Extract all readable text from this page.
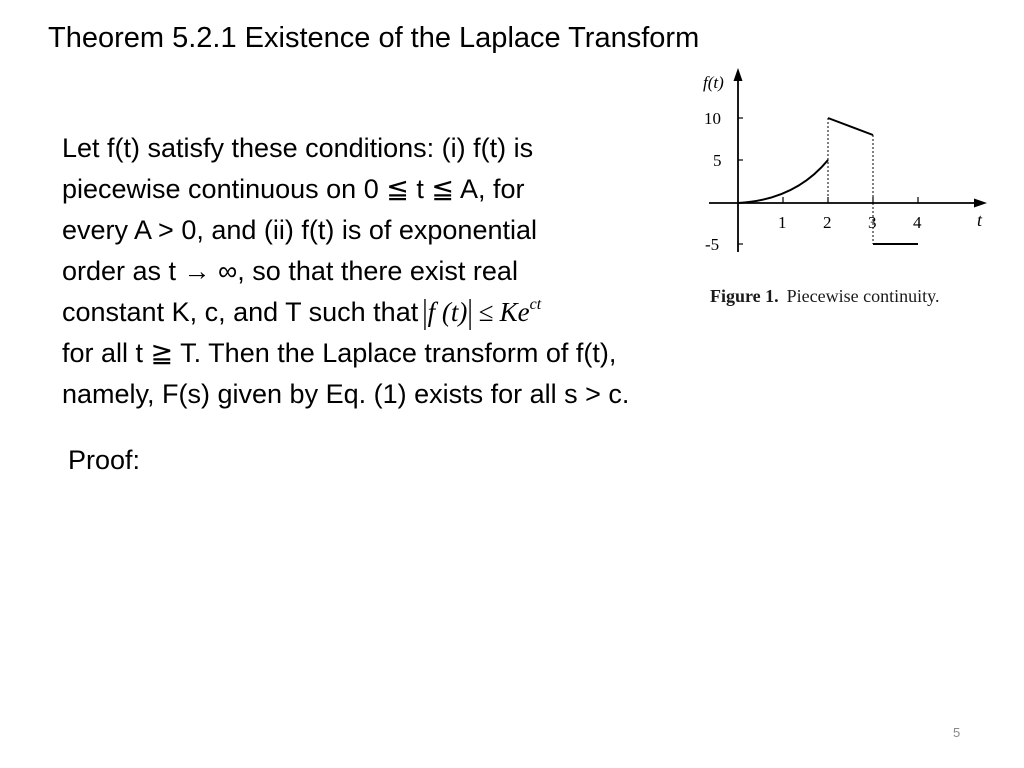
Theorem 5.2.1 Existence of the Laplace Transform
Let f(t) satisfy these conditions: (i) f(t) is
piecewise continuous on 0 ≦ t ≦ A, for
every A > 0, and (ii) f(t) is of exponential
order as t → ∞, so that there exist real
constant K, c, and T such that |f $(t)| \le Ke^{ct}$
for all t ≧ T. Then the Laplace transform of f(t),
namely, F(s) given by Eq. (1) exists for all s > c.
Proof:
f(t)
t
10
5
-5
1 2 3 4
Figure 1. Piecewise continuity.
5
